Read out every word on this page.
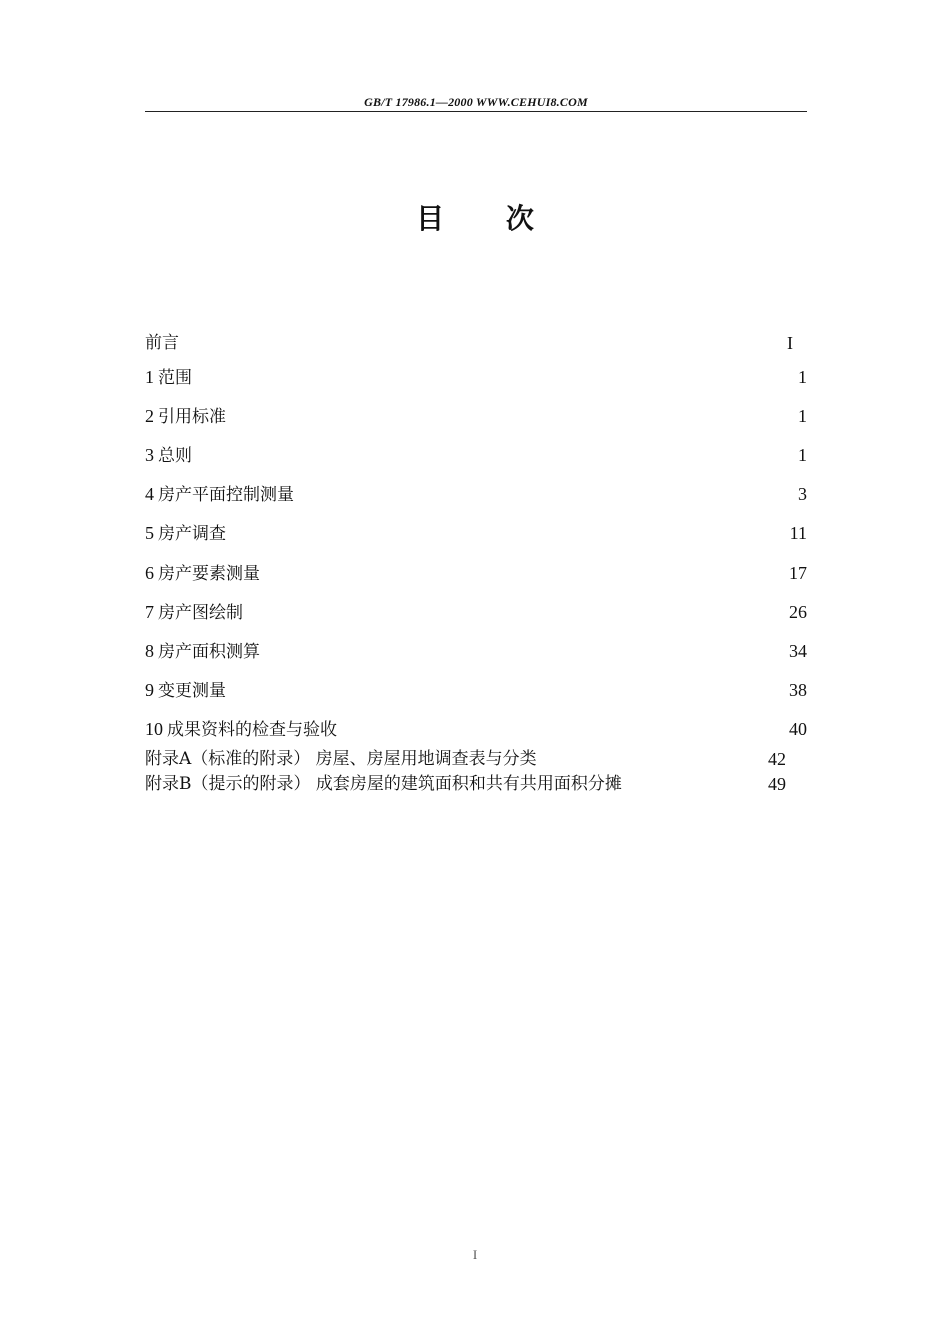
GB/T 17986.1—2000 WWW.CEHUI8.COM
目 次
前言	I
1 范围	1
2 引用标准	1
3 总则	1
4 房产平面控制测量	3
5 房产调查	11
6 房产要素测量	17
7 房产图绘制	26
8 房产面积测算	34
9 变更测量	38
10 成果资料的检查与验收	40
附录A（标准的附录） 房屋、房屋用地调查表与分类	42
附录B（提示的附录） 成套房屋的建筑面积和共有共用面积分摊	49
I
